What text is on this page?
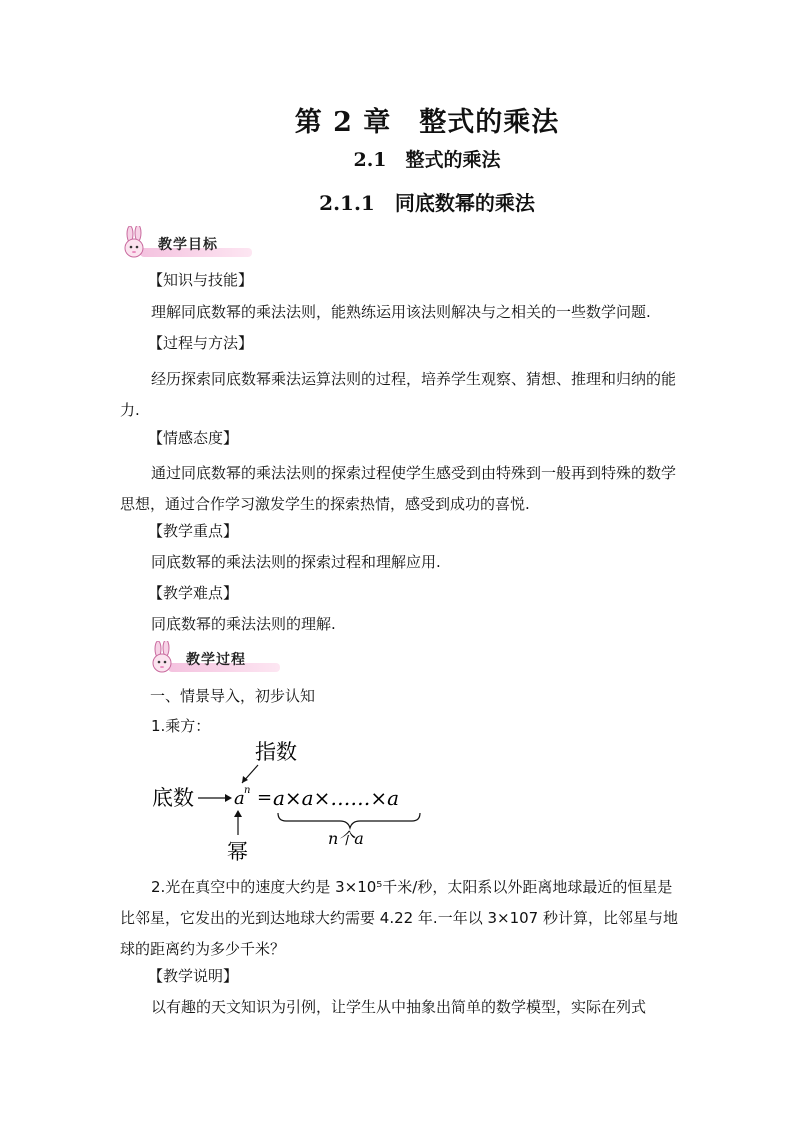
第 2 章　整式的乘法
2.1　整式的乘法
2.1.1　同底数幂的乘法
教学目标
【知识与技能】
理解同底数幂的乘法法则，能熟练运用该法则解决与之相关的一些数学问题.
【过程与方法】
经历探索同底数幂乘法运算法则的过程，培养学生观察、猜想、推理和归纳的能力.
【情感态度】
通过同底数幂的乘法法则的探索过程使学生感受到由特殊到一般再到特殊的数学思想，通过合作学习激发学生的探索热情，感受到成功的喜悦.
【教学重点】
同底数幂的乘法法则的探索过程和理解应用.
【教学难点】
同底数幂的乘法法则的理解.
教学过程
一、情景导入，初步认知
1.乘方：
指数
底数 a n = a×a×……×a
n个a
幂
2.光在真空中的速度大约是 3×10⁵千米/秒，太阳系以外距离地球最近的恒星是比邻星，它发出的光到达地球大约需要 4.22 年.一年以 3×107 秒计算，比邻星与地球的距离约为多少千米？
【教学说明】
以有趣的天文知识为引例，让学生从中抽象出简单的数学模型，实际在列式
